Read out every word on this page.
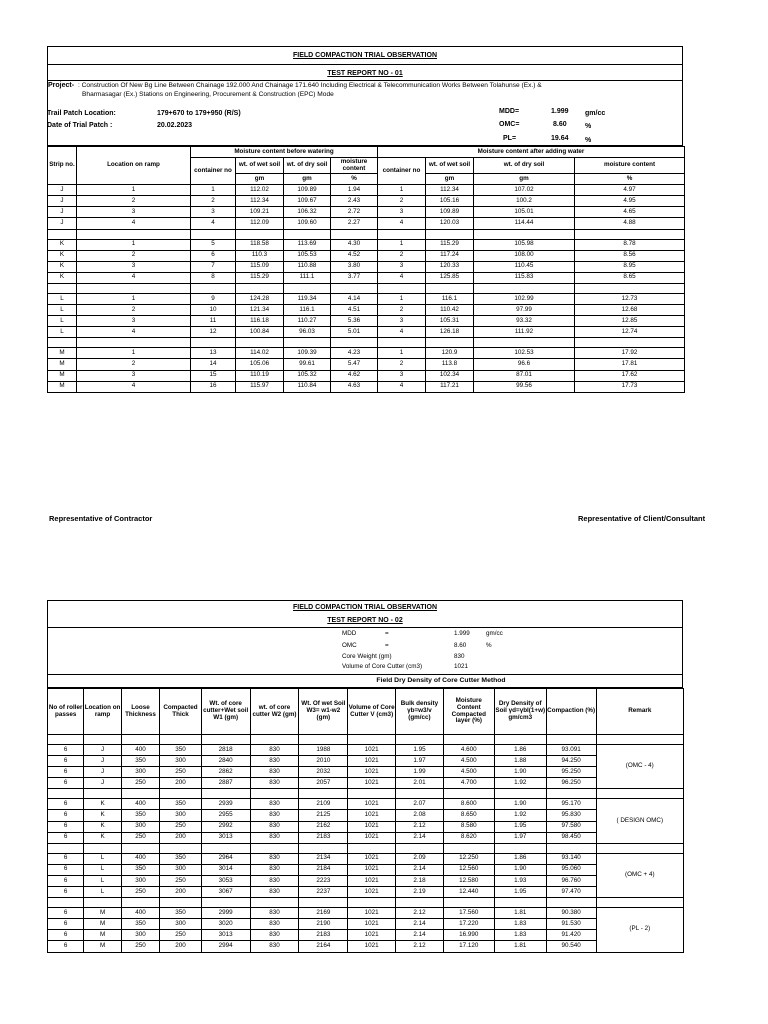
FIELD COMPACTION TRIAL OBSERVATION
TEST REPORT NO - 01
Project- : Construction Of New Bg Line Between Chainage 192.000 And Chainage 171.640 Including Electrical & Telecommunication Works Between Tolahunse (Ex.) &
Bharmasagar (Ex.) Stations on Engineering, Procurement & Construction (EPC) Mode
Trail Patch Location:	179+670 to 179+950 (R/S)
Date of Trial Patch :	20.02.2023
MDD=	1.999 gm/cc
OMC=	8.60	%
PL=	19.64 %
Strip no.	Location on ramp	Moisture content before watering				Moisture content after adding water				
		container no	wt. of wet soil	wt. of dry soil	moisture content	container no	wt. of wet soil	wt. of dry soil	moisture content	
			gm	gm	%		gm	gm	%	
J	1	1	112.02	109.89	1.94	1	112.34	107.02	4.97	
J	2	2	112.34	109.67	2.43	2	105.16	100.2	4.95	
J	3	3	109.21	106.32	2.72	3	109.89	105.01	4.65	
J	4	4	112.09	109.60	2.27	4	120.03	114.44	4.88	

K	1	5	118.58	113.69	4.30	1	115.29	105.98	8.78	
K	2	6	110.3	105.53	4.52	2	117.24	108.00	8.56	
K	3	7	115.09	110.88	3.80	3	120.33	110.45	8.95	
K	4	8	115.29	111.1	3.77	4	125.85	115.83	8.65	

L	1	9	124.28	119.34	4.14	1	116.1	102.99	12.73	
L	2	10	121.34	116.1	4.51	2	110.42	97.99	12.68	
L	3	11	116.18	110.27	5.36	3	105.31	93.32	12.85	
L	4	12	100.84	96.03	5.01	4	126.18	111.92	12.74	

M	1	13	114.02	109.39	4.23	1	120.9	102.53	17.92	
M	2	14	105.06	99.61	5.47	2	113.8	96.6	17.81	
M	3	15	110.19	105.32	4.62	3	102.34	87.01	17.62	
M	4	16	115.97	110.84	4.63	4	117.21	99.56	17.73	
Representative of Contractor	Representative of Client/Consultant
FIELD COMPACTION TRIAL OBSERVATION
TEST REPORT NO - 02
MDD	=	1.999	gm/cc
OMC	=	8.60	%
Core Weight (gm)	830
Volume of Core Cutter (cm3)	1021
Field Dry Density of Core Cutter Method
No of roller passes	Location on ramp	Loose Thickness	Compacted Thick	Wt. of core cutter+Wet soil W1 (gm)	wt. of core cutter W2 (gm)	Wt. Of wet Soil W3= w1-w2 (gm)	Volume of Core Cutter V (cm3)	Bulk density γb=w3/v (gm/cc)	Moisture Content Compacted layer (%)	Dry Density of Soil γd=γbl(1+w) gm/cm3	Compaction (%)	Remark

6	J	400	350	2818	830	1988	1021	1.95	4.600	1.86	93.091	(OMC - 4)
6	J	350	300	2840	830	2010	1021	1.97	4.500	1.88	94.250	
6	J	300	250	2862	830	2032	1021	1.99	4.500	1.90	95.250	
6	J	250	200	2887	830	2057	1021	2.01	4.700	1.92	96.250	

6	K	400	350	2939	830	2109	1021	2.07	8.600	1.90	95.170	( DESIGN OMC)
6	K	350	300	2955	830	2125	1021	2.08	8.650	1.92	95.830	
6	K	300	250	2992	830	2162	1021	2.12	8.580	1.95	97.580	
6	K	250	200	3013	830	2183	1021	2.14	8.620	1.97	98.450	

6	L	400	350	2964	830	2134	1021	2.09	12.250	1.86	93.140	(OMC + 4)
6	L	350	300	3014	830	2184	1021	2.14	12.560	1.90	95.060	
6	L	300	250	3053	830	2223	1021	2.18	12.580	1.93	96.760	
6	L	250	200	3067	830	2237	1021	2.19	12.440	1.95	97.470	

6	M	400	350	2999	830	2169	1021	2.12	17.560	1.81	90.380	(PL - 2)
6	M	350	300	3020	830	2190	1021	2.14	17.220	1.83	91.530	
6	M	300	250	3013	830	2183	1021	2.14	16.990	1.83	91.420	
6	M	250	200	2994	830	2164	1021	2.12	17.120	1.81	90.540	
